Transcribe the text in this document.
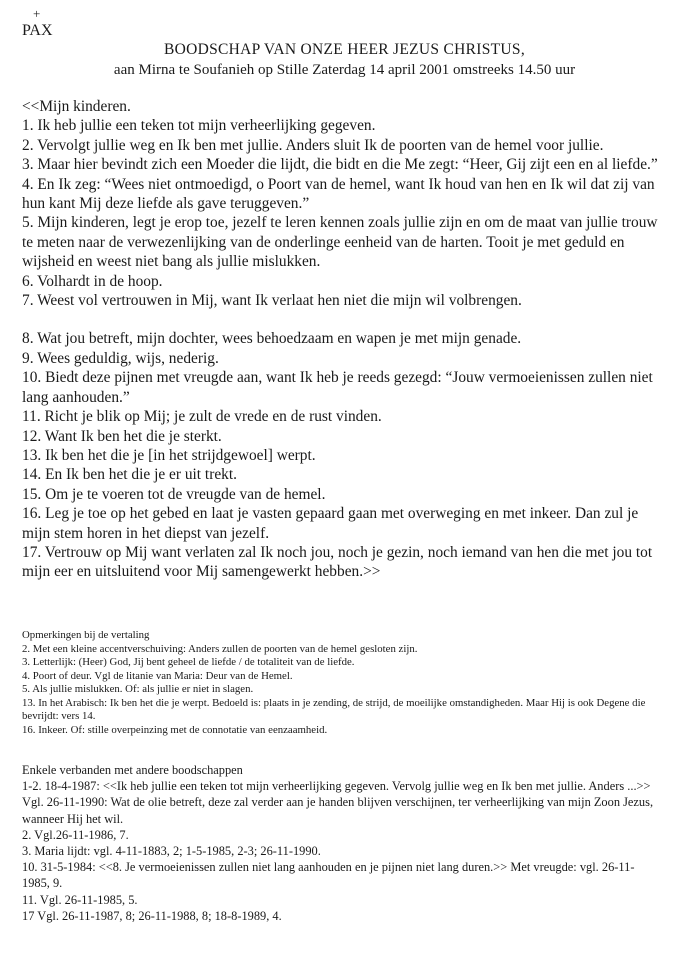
+
PAX
BOODSCHAP VAN ONZE HEER JEZUS CHRISTUS,
aan Mirna te Soufanieh op Stille Zaterdag 14 april 2001 omstreeks 14.50 uur

<<Mijn kinderen.

1. Ik heb jullie een teken tot mijn verheerlijking gegeven.

2. Vervolgt jullie weg en Ik ben met jullie. Anders sluit Ik de poorten van de hemel voor jullie.

3. Maar hier bevindt zich een Moeder die lijdt, die bidt en die Me zegt: “Heer, Gij zijt een en al liefde.”

4. En Ik zeg: “Wees niet ontmoedigd, o Poort van de hemel, want Ik houd van hen en Ik wil dat zij van hun kant Mij deze liefde als gave teruggeven.”

5. Mijn kinderen, legt je erop toe, jezelf te leren kennen zoals jullie zijn en om de maat van jullie trouw te meten naar de verwezenlijking van de onderlinge eenheid van de harten. Tooit je met geduld en wijsheid en weest niet bang als jullie mislukken.

6. Volhardt in de hoop.

7. Weest vol vertrouwen in Mij, want Ik verlaat hen niet die mijn wil volbrengen.

8. Wat jou betreft, mijn dochter, wees behoedzaam en wapen je met mijn genade.

9. Wees geduldig, wijs, nederig.

10. Biedt deze pijnen met vreugde aan, want Ik heb je reeds gezegd: “Jouw vermoeienissen zullen niet lang aanhouden.”

11. Richt je blik op Mij; je zult de vrede en de rust vinden.

12. Want Ik ben het die je sterkt.

13. Ik ben het die je [in het strijdgewoel] werpt.

14. En Ik ben het die je er uit trekt.

15. Om je te voeren tot de vreugde van de hemel.

16. Leg je toe op het gebed en laat je vasten gepaard gaan met overweging en met inkeer. Dan zul je mijn stem horen in het diepst van jezelf.

17. Vertrouw op Mij want verlaten zal Ik noch jou, noch je gezin, noch iemand van hen die met jou tot mijn eer en uitsluitend voor Mij samengewerkt hebben.>>

Opmerkingen bij de vertaling

2. Met een kleine accentverschuiving: Anders zullen de poorten van de hemel gesloten zijn.

3. Letterlijk: (Heer) God, Jij bent geheel de liefde / de totaliteit van de liefde.

4. Poort of deur. Vgl de litanie van Maria: Deur van de Hemel.

5. Als jullie mislukken. Of: als jullie er niet in slagen.

13. In het Arabisch: Ik ben het die je werpt. Bedoeld is: plaats in je zending, de strijd, de moeilijke omstandigheden. Maar Hij is ook Degene die bevrijdt: vers 14.

16. Inkeer. Of: stille overpeinzing met de connotatie van eenzaamheid.

Enkele verbanden met andere boodschappen

1-2. 18-4-1987: <<Ik heb jullie een teken tot mijn verheerlijking gegeven. Vervolg jullie weg en Ik ben met jullie. Anders ...>>

Vgl. 26-11-1990: Wat de olie betreft, deze zal verder aan je handen blijven verschijnen, ter verheerlijking van mijn Zoon Jezus, wanneer Hij het wil.

2. Vgl.26-11-1986, 7.

3. Maria lijdt: vgl. 4-11-1883, 2; 1-5-1985, 2-3; 26-11-1990.

10. 31-5-1984: <<8. Je vermoeienissen zullen niet lang aanhouden en je pijnen niet lang duren.>> Met vreugde: vgl. 26-11-1985, 9.

11. Vgl. 26-11-1985, 5.

17 Vgl. 26-11-1987, 8; 26-11-1988, 8; 18-8-1989, 4.
